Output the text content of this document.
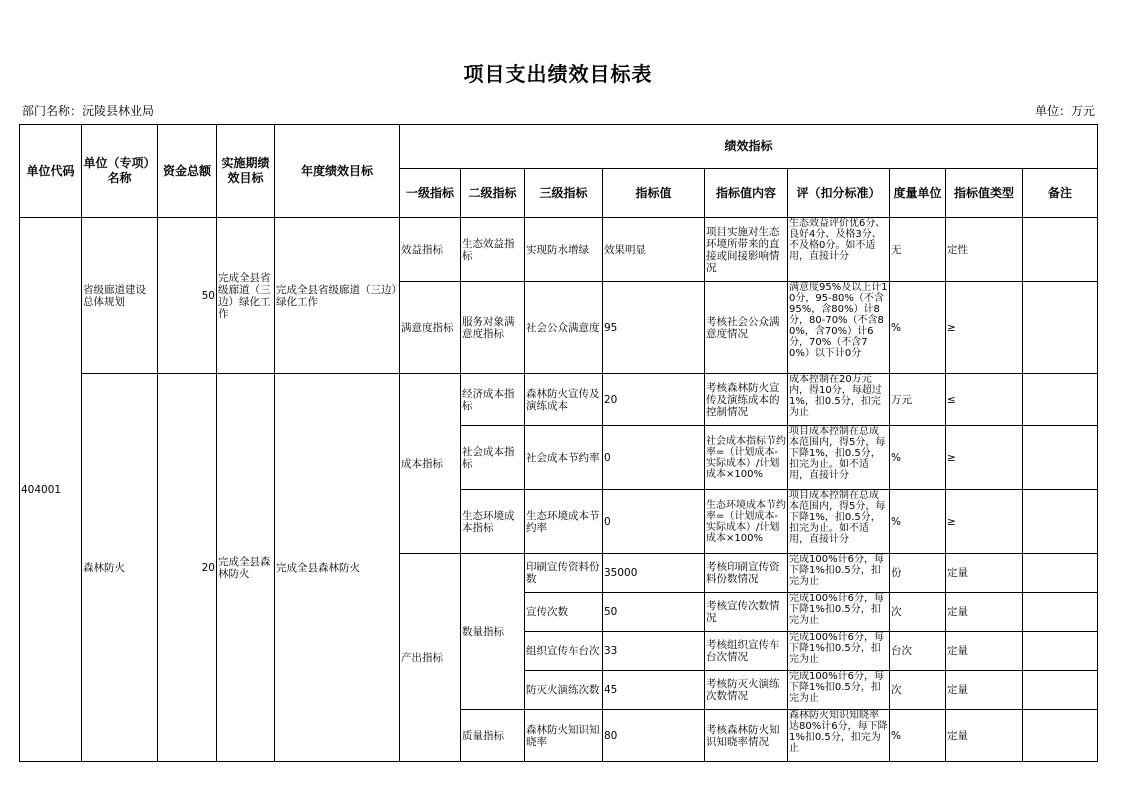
项目支出绩效目标表
部门名称：沅陵县林业局	单位：万元
单位代码	单位（专项）名称	资金总额	实施期绩效目标	年度绩效目标	绩效指标								
					一级指标	二级指标	三级指标	指标值	指标值内容	评（扣分标准）	度量单位	指标值类型	备注
404001	省级廊道建设总体规划	50	完成全县省级廊道（三边）绿化工作	完成全县省级廊道（三边）绿化工作	效益指标	生态效益指标	实现防水增绿	效果明显	项目实施对生态环境所带来的直接或间接影响情况	生态效益评价优6分、良好4分、及格3分、不及格0分。如不适用，直接计分	无	定性	
					满意度指标	服务对象满意度指标	社会公众满意度	95	考核社会公众满意度情况	满意度95%及以上计10分，95-80%（不含95%，含80%）计8分，80-70%（不含80%，含70%）计6分，70%（不含70%）以下计0分	%	≥	
	森林防火	20	完成全县森林防火	完成全县森林防火	成本指标	经济成本指标	森林防火宣传及演练成本	20	考核森林防火宣传及演练成本的控制情况	成本控制在20万元内，得10分，每超过1%，扣0.5分，扣完为止	万元	≤	
						社会成本指标	社会成本节约率	0	社会成本指标节约率=（计划成本-实际成本）/计划成本×100%	项目成本控制在总成本范围内，得5分，每下降1%，扣0.5分，扣完为止。如不适用，直接计分	%	≥	
						生态环境成本指标	生态环境成本节约率	0	生态环境成本节约率=（计划成本-实际成本）/计划成本×100%	项目成本控制在总成本范围内，得5分，每下降1%，扣0.5分，扣完为止。如不适用，直接计分	%	≥	
					产出指标	数量指标	印刷宣传资料份数	35000	考核印刷宣传资料份数情况	完成100%计6分，每下降1%扣0.5分，扣完为止	份	定量	
							宣传次数	50	考核宣传次数情况	完成100%计6分，每下降1%扣0.5分，扣完为止	次	定量	
							组织宣传车台次	33	考核组织宣传车台次情况	完成100%计6分，每下降1%扣0.5分，扣完为止	台次	定量	
							防灭火演练次数	45	考核防灭火演练次数情况	完成100%计6分，每下降1%扣0.5分，扣完为止	次	定量	
						质量指标	森林防火知识知晓率	80	考核森林防火知识知晓率情况	森林防火知识知晓率达80%计6分，每下降1%扣0.5分，扣完为止	%	定量	
